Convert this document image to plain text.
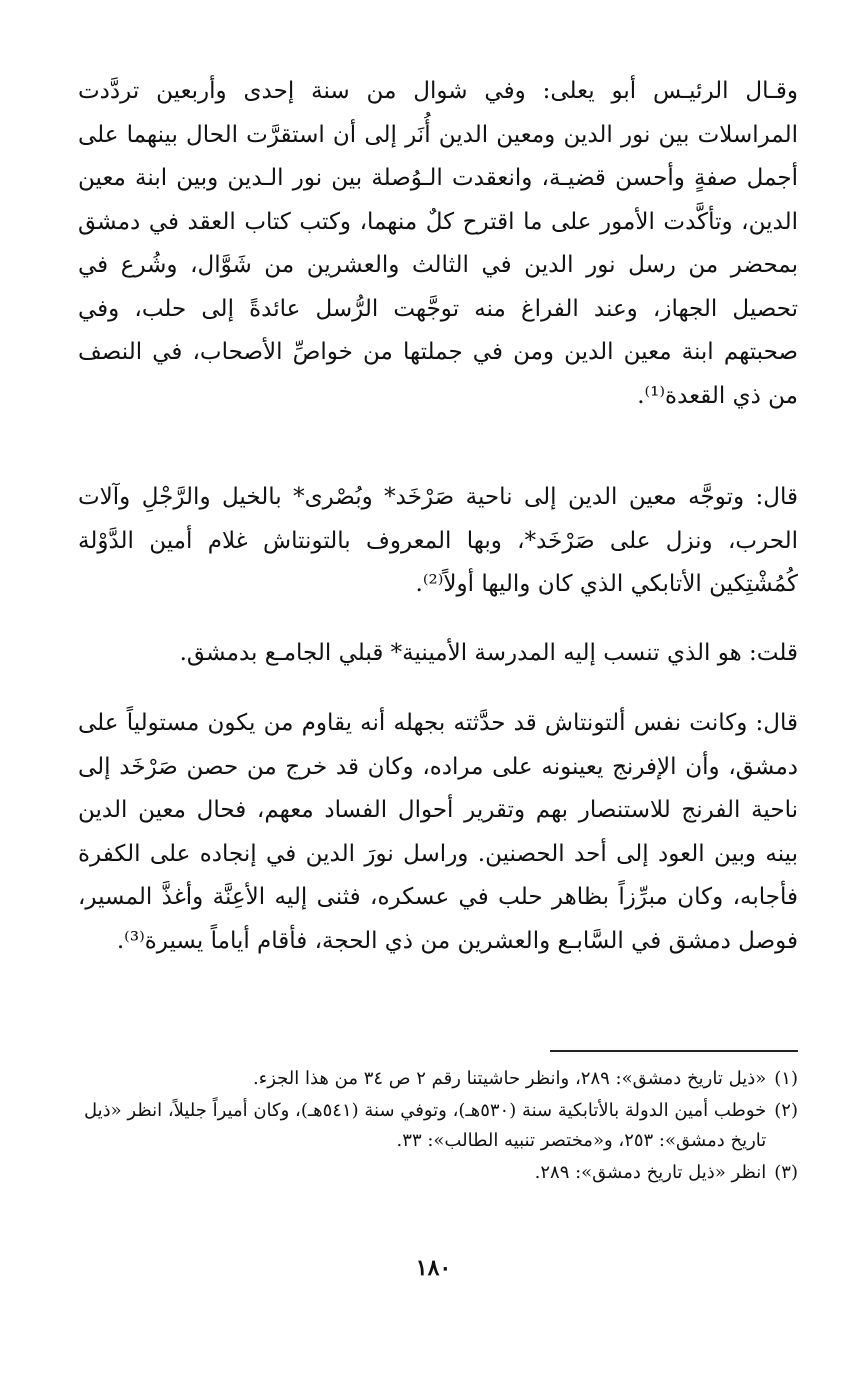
وقـال الرئيـس أبو يعلى: وفي شوال من سنة إحدى وأربعين تردَّدت المراسلات بين نور الدين ومعين الدين أُنَر إلى أن استقرَّت الحال بينهما على أجمل صفةٍ وأحسن قضيـة، وانعقدت الـوُصلة بين نور الـدين وبين ابنة معين الدين، وتأكَّدت الأمور على ما اقترح كلٌ منهما، وكتب كتاب العقد في دمشق بمحضر من رسل نور الدين في الثالث والعشرين من شَوَّال، وشُرع في تحصيل الجهاز، وعند الفراغ منه توجَّهت الرُّسل عائدةً إلى حلب، وفي صحبتهم ابنة معين الدين ومن في جملتها من خواصِّ الأصحاب، في النصف من ذي القعدة⁽¹⁾.

قال: وتوجَّه معين الدين إلى ناحية صَرْخَد* وبُصْرى* بالخيل والرَّجْلِ وآلات الحرب، ونزل على صَرْخَد*، وبها المعروف بالتونتاش غلام أمين الدَّوْلة كُمُشْتِكين الأتابكي الذي كان واليها أولاً⁽²⁾.

قلت: هو الذي تنسب إليه المدرسة الأمينية* قبلي الجامـع بدمشق.

قال: وكانت نفس ألتونتاش قد حدَّثته بجهله أنه يقاوم من يكون مستولياً على دمشق، وأن الإفرنج يعينونه على مراده، وكان قد خرج من حصن صَرْخَد إلى ناحية الفرنج للاستنصار بهم وتقرير أحوال الفساد معهم، فحال معين الدين بينه وبين العود إلى أحد الحصنين. وراسل نورَ الدين في إنجاده على الكفرة فأجابه، وكان مبرِّزاً بظاهر حلب في عسكره، فثنى إليه الأعِنَّة وأغذَّ المسير، فوصل دمشق في السَّابـع والعشرين من ذي الحجة، فأقام أياماً يسيرة⁽³⁾.

(١)
«ذيل تاريخ دمشق»: ٢٨٩، وانظر حاشيتنا رقم ٢ ص ٣٤ من هذا الجزء.
(٢)
خوطب أمين الدولة بالأتابكية سنة (٥٣٠هـ)، وتوفي سنة (٥٤١هـ)، وكان أميراً جليلاً، انظر «ذيل تاريخ دمشق»: ٢٥٣، و«مختصر تنبيه الطالب»: ٣٣.
(٣)
انظر «ذيل تاريخ دمشق»: ٢٨٩.
١٨٠
